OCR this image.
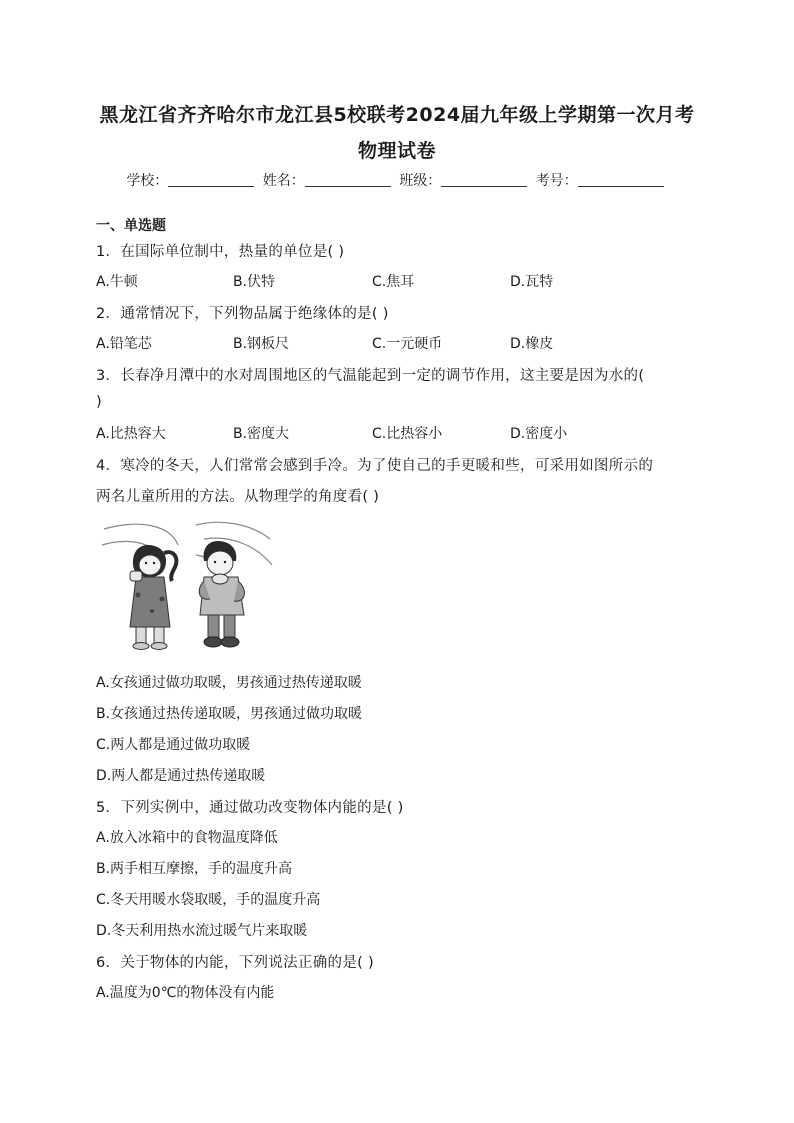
黑龙江省齐齐哈尔市龙江县5校联考2024届九年级上学期第一次月考
物理试卷
学校：	姓名：	班级：	考号：
一、单选题
1．在国际单位制中，热量的单位是( )
A.牛顿	B.伏特	C.焦耳	D.瓦特
2．通常情况下，下列物品属于绝缘体的是( )
A.铅笔芯	B.钢板尺	C.一元硬币	D.橡皮
3．长春净月潭中的水对周围地区的气温能起到一定的调节作用，这主要是因为水的(
)
A.比热容大	B.密度大	C.比热容小	D.密度小
4．寒冷的冬天，人们常常会感到手冷。为了使自己的手更暖和些，可采用如图所示的
两名儿童所用的方法。从物理学的角度看( )
A.女孩通过做功取暖，男孩通过热传递取暖
B.女孩通过热传递取暖，男孩通过做功取暖
C.两人都是通过做功取暖
D.两人都是通过热传递取暖
5．下列实例中，通过做功改变物体内能的是( )
A.放入冰箱中的食物温度降低
B.两手相互摩擦，手的温度升高
C.冬天用暖水袋取暖，手的温度升高
D.冬天利用热水流过暖气片来取暖
6．关于物体的内能，下列说法正确的是( )
A.温度为0℃的物体没有内能
